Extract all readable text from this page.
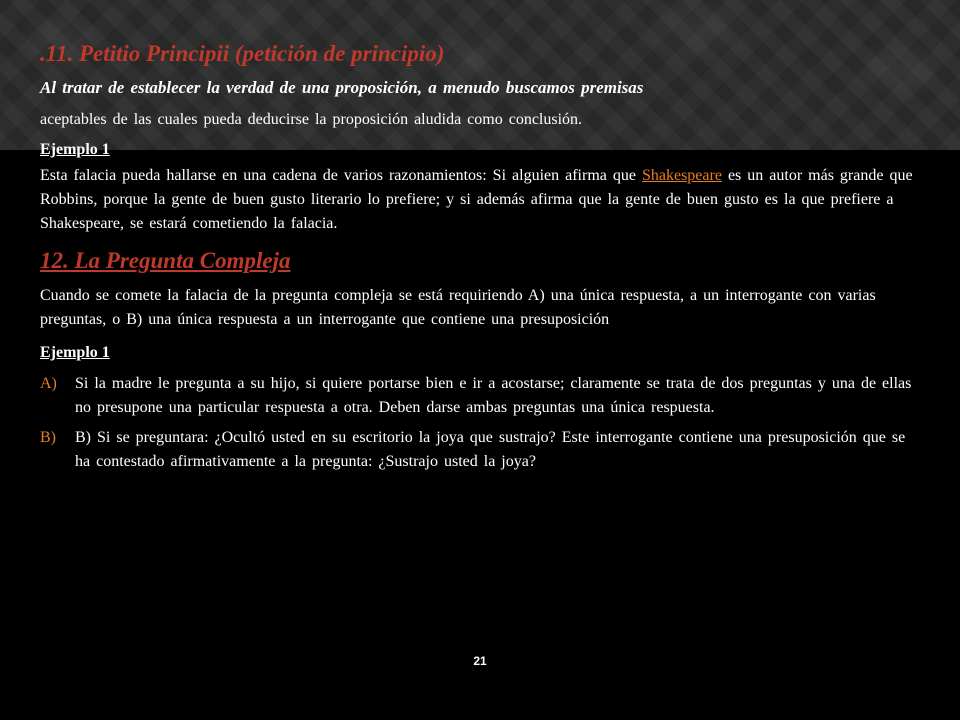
.11. Petitio Principii (petición de principio)

Al tratar de establecer la verdad de una proposición, a menudo buscamos premisas

aceptables de las cuales pueda deducirse la proposición aludida como conclusión.

Ejemplo 1

Esta falacia pueda hallarse en una cadena de varios razonamientos: Si alguien afirma que Shakespeare es un autor más grande que Robbins, porque la gente de buen gusto literario lo prefiere; y si además afirma que la gente de buen gusto es la que prefiere a Shakespeare, se estará cometiendo la falacia.

12. La Pregunta Compleja

Cuando se comete la falacia de la pregunta compleja se está requiriendo A) una única respuesta, a un interrogante con varias preguntas, o B) una única respuesta a un interrogante que contiene una presuposición

Ejemplo 1

A) Si la madre le pregunta a su hijo, si quiere portarse bien e ir a acostarse; claramente se trata de dos preguntas y una de ellas no presupone una particular respuesta a otra. Deben darse ambas preguntas una única respuesta.
B) B) Si se preguntara: ¿Ocultó usted en su escritorio la joya que sustrajo? Este interrogante contiene una presuposición que se ha contestado afirmativamente a la pregunta: ¿Sustrajo usted la joya?
21
